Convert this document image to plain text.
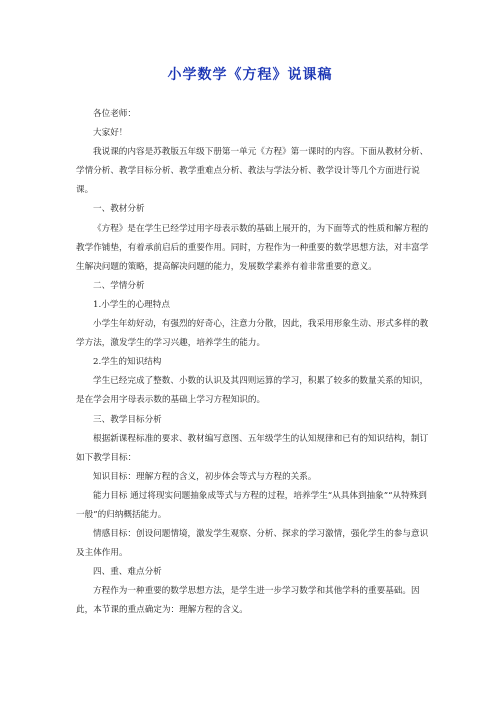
小学数学《方程》说课稿
各位老师：
大家好！
我说课的内容是苏教版五年级下册第一单元《方程》第一课时的内容。下面从教材分析、学情分析、教学目标分析、教学重难点分析、教法与学法分析、教学设计等几个方面进行说课。
一、教材分析
《方程》是在学生已经学过用字母表示数的基础上展开的，为下面等式的性质和解方程的教学作铺垫，有着承前启后的重要作用。同时，方程作为一种重要的数学思想方法，对丰富学生解决问题的策略，提高解决问题的能力，发展数学素养有着非常重要的意义。
二、学情分析
1.小学生的心理特点
小学生年幼好动，有强烈的好奇心，注意力分散，因此，我采用形象生动、形式多样的教学方法，激发学生的学习兴趣，培养学生的能力。
2.学生的知识结构
学生已经完成了整数、小数的认识及其四则运算的学习，积累了较多的数量关系的知识，是在学会用字母表示数的基础上学习方程知识的。
三、教学目标分析
根据新课程标准的要求、教材编写意图、五年级学生的认知规律和已有的知识结构，制订如下教学目标：
知识目标：理解方程的含义，初步体会等式与方程的关系。
能力目标 通过将现实问题抽象成等式与方程的过程，培养学生“从具体到抽象”“从特殊到一般”的归纳概括能力。
情感目标：创设问题情境，激发学生观察、分析、探求的学习激情，强化学生的参与意识及主体作用。
四、重、难点分析
方程作为一种重要的数学思想方法，是学生进一步学习数学和其他学科的重要基础。因此，本节课的重点确定为：理解方程的含义。
